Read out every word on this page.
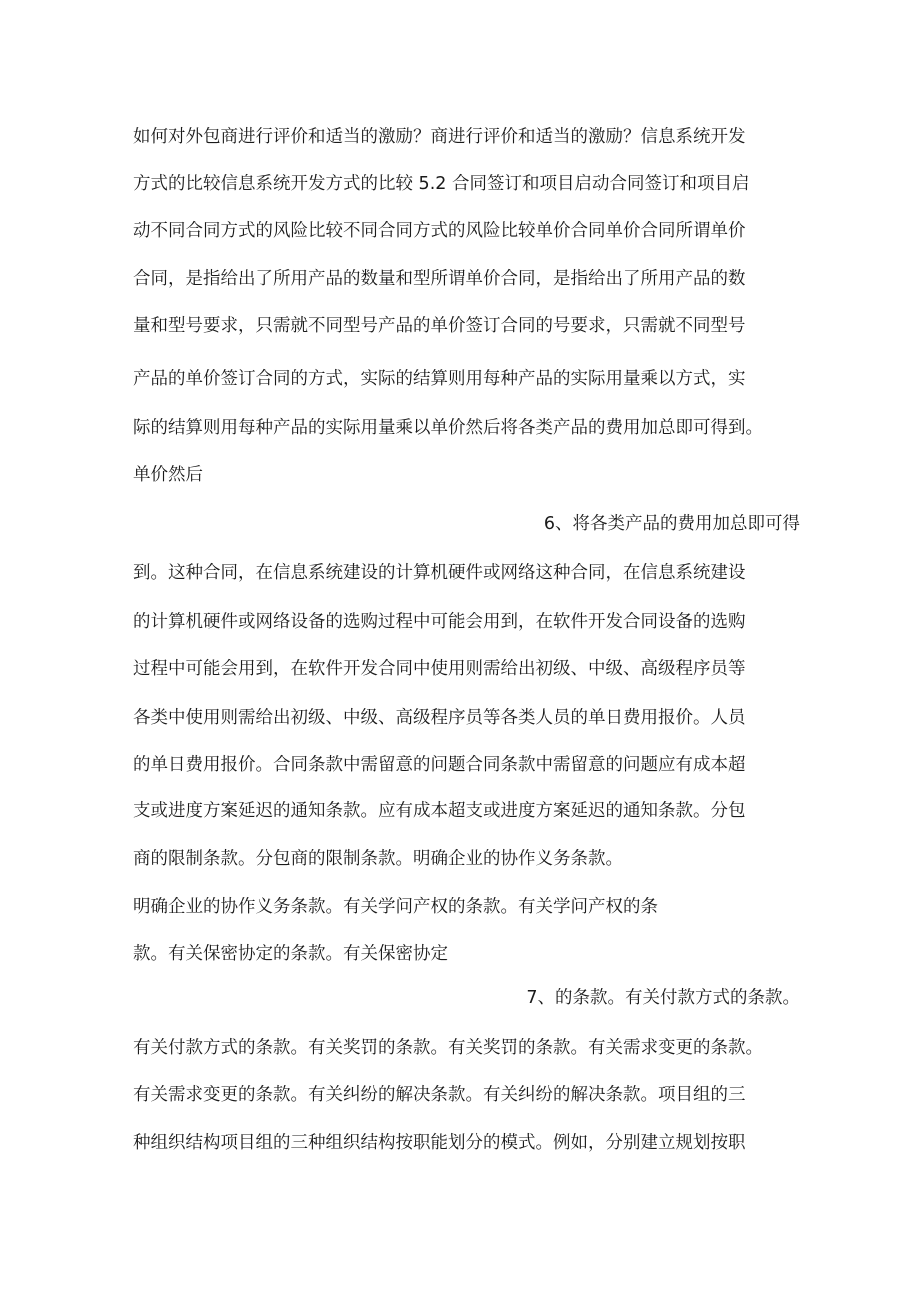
如何对外包商进行评价和适当的激励？商进行评价和适当的激励？信息系统开发
方式的比较信息系统开发方式的比较 5.2 合同签订和项目启动合同签订和项目启
动不同合同方式的风险比较不同合同方式的风险比较单价合同单价合同所谓单价
合同，是指给出了所用产品的数量和型所谓单价合同，是指给出了所用产品的数
量和型号要求，只需就不同型号产品的单价签订合同的号要求，只需就不同型号
产品的单价签订合同的方式，实际的结算则用每种产品的实际用量乘以方式，实
际的结算则用每种产品的实际用量乘以单价然后将各类产品的费用加总即可得到。
单价然后
6、将各类产品的费用加总即可得
到。这种合同，在信息系统建设的计算机硬件或网络这种合同，在信息系统建设
的计算机硬件或网络设备的选购过程中可能会用到，在软件开发合同设备的选购
过程中可能会用到，在软件开发合同中使用则需给出初级、中级、高级程序员等
各类中使用则需给出初级、中级、高级程序员等各类人员的单日费用报价。人员
的单日费用报价。合同条款中需留意的问题合同条款中需留意的问题应有成本超
支或进度方案延迟的通知条款。应有成本超支或进度方案延迟的通知条款。分包
商的限制条款。分包商的限制条款。明确企业的协作义务条款。
明确企业的协作义务条款。有关学问产权的条款。有关学问产权的条
款。有关保密协定的条款。有关保密协定
7、的条款。有关付款方式的条款。
有关付款方式的条款。有关奖罚的条款。有关奖罚的条款。有关需求变更的条款。
有关需求变更的条款。有关纠纷的解决条款。有关纠纷的解决条款。项目组的三
种组织结构项目组的三种组织结构按职能划分的模式。例如，分别建立规划按职
